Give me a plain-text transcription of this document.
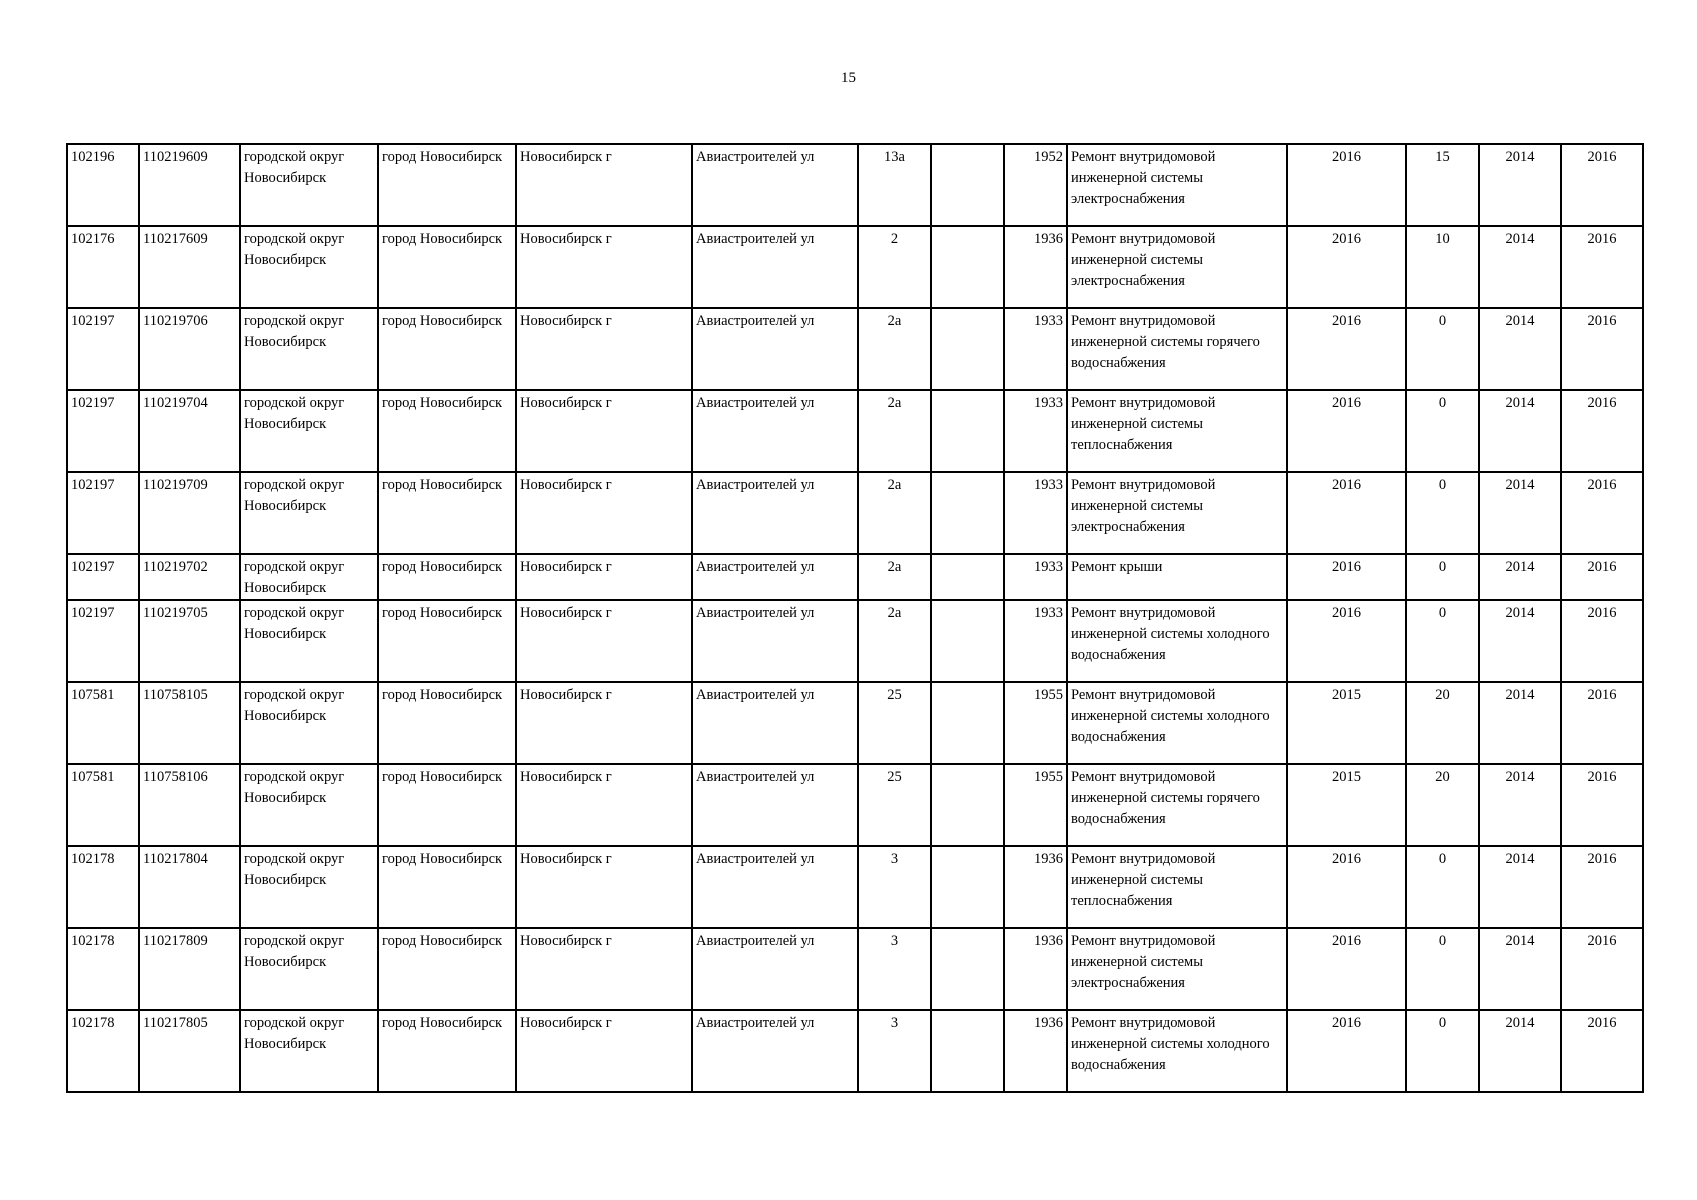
15
102196	110219609	городской округ Новосибирск	город Новосибирск	Новосибирск г	Авиастроителей ул	13а		1952	Ремонт внутридомовой инженерной системы электроснабжения	2016	15	2014	2016
102176	110217609	городской округ Новосибирск	город Новосибирск	Новосибирск г	Авиастроителей ул	2		1936	Ремонт внутридомовой инженерной системы электроснабжения	2016	10	2014	2016
102197	110219706	городской округ Новосибирск	город Новосибирск	Новосибирск г	Авиастроителей ул	2а		1933	Ремонт внутридомовой инженерной системы горячего водоснабжения	2016	0	2014	2016
102197	110219704	городской округ Новосибирск	город Новосибирск	Новосибирск г	Авиастроителей ул	2а		1933	Ремонт внутридомовой инженерной системы теплоснабжения	2016	0	2014	2016
102197	110219709	городской округ Новосибирск	город Новосибирск	Новосибирск г	Авиастроителей ул	2а		1933	Ремонт внутридомовой инженерной системы электроснабжения	2016	0	2014	2016
102197	110219702	городской округ Новосибирск	город Новосибирск	Новосибирск г	Авиастроителей ул	2а		1933	Ремонт крыши	2016	0	2014	2016
102197	110219705	городской округ Новосибирск	город Новосибирск	Новосибирск г	Авиастроителей ул	2а		1933	Ремонт внутридомовой инженерной системы холодного водоснабжения	2016	0	2014	2016
107581	110758105	городской округ Новосибирск	город Новосибирск	Новосибирск г	Авиастроителей ул	25		1955	Ремонт внутридомовой инженерной системы холодного водоснабжения	2015	20	2014	2016
107581	110758106	городской округ Новосибирск	город Новосибирск	Новосибирск г	Авиастроителей ул	25		1955	Ремонт внутридомовой инженерной системы горячего водоснабжения	2015	20	2014	2016
102178	110217804	городской округ Новосибирск	город Новосибирск	Новосибирск г	Авиастроителей ул	3		1936	Ремонт внутридомовой инженерной системы теплоснабжения	2016	0	2014	2016
102178	110217809	городской округ Новосибирск	город Новосибирск	Новосибирск г	Авиастроителей ул	3		1936	Ремонт внутридомовой инженерной системы электроснабжения	2016	0	2014	2016
102178	110217805	городской округ Новосибирск	город Новосибирск	Новосибирск г	Авиастроителей ул	3		1936	Ремонт внутридомовой инженерной системы холодного водоснабжения	2016	0	2014	2016
